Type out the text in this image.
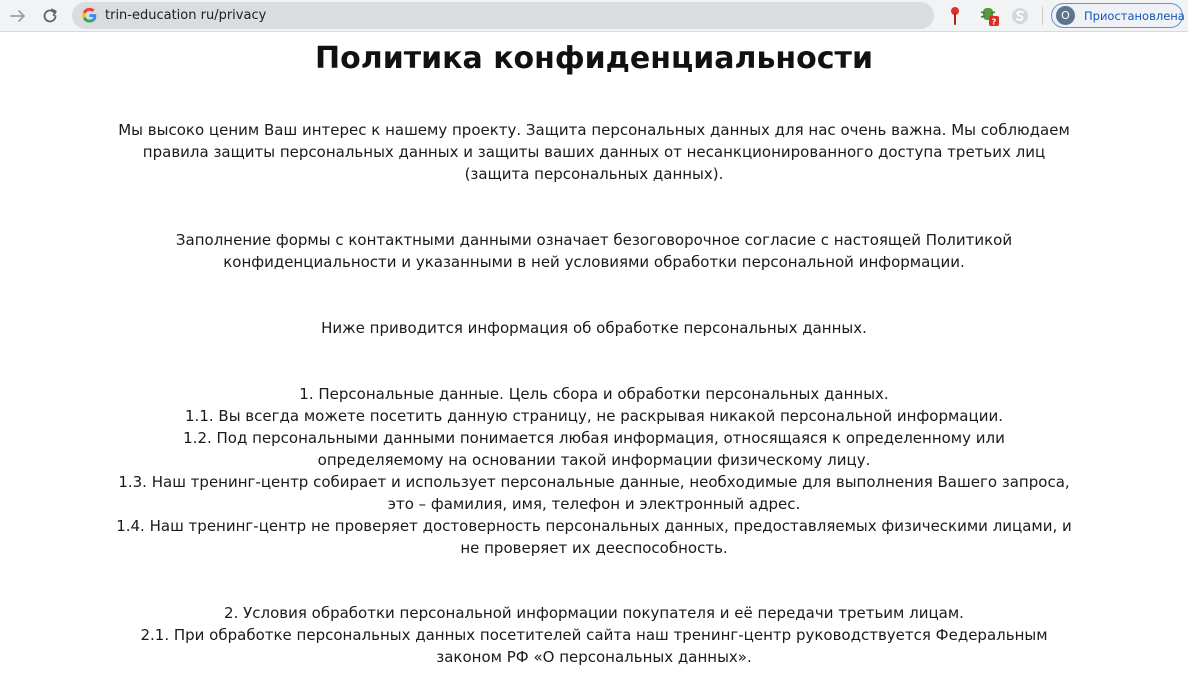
trin-education ru/privacy	?	O	Приостановлена
Политика конфиденциальности
Мы высоко ценим Ваш интерес к нашему проекту. Защита персональных данных для нас очень важна. Мы соблюдаем
правила защиты персональных данных и защиты ваших данных от несанкционированного доступа третьих лиц
(защита персональных данных).
Заполнение формы с контактными данными означает безоговорочное согласие с настоящей Политикой
конфиденциальности и указанными в ней условиями обработки персональной информации.
Ниже приводится информация об обработке персональных данных.
1. Персональные данные. Цель сбора и обработки персональных данных.
1.1. Вы всегда можете посетить данную страницу, не раскрывая никакой персональной информации.
1.2. Под персональными данными понимается любая информация, относящаяся к определенному или
определяемому на основании такой информации физическому лицу.
1.3. Наш тренинг-центр собирает и использует персональные данные, необходимые для выполнения Вашего запроса,
это – фамилия, имя, телефон и электронный адрес.
1.4. Наш тренинг-центр не проверяет достоверность персональных данных, предоставляемых физическими лицами, и
не проверяет их дееспособность.
2. Условия обработки персональной информации покупателя и её передачи третьим лицам.
2.1. При обработке персональных данных посетителей сайта наш тренинг-центр руководствуется Федеральным
законом РФ «О персональных данных».
